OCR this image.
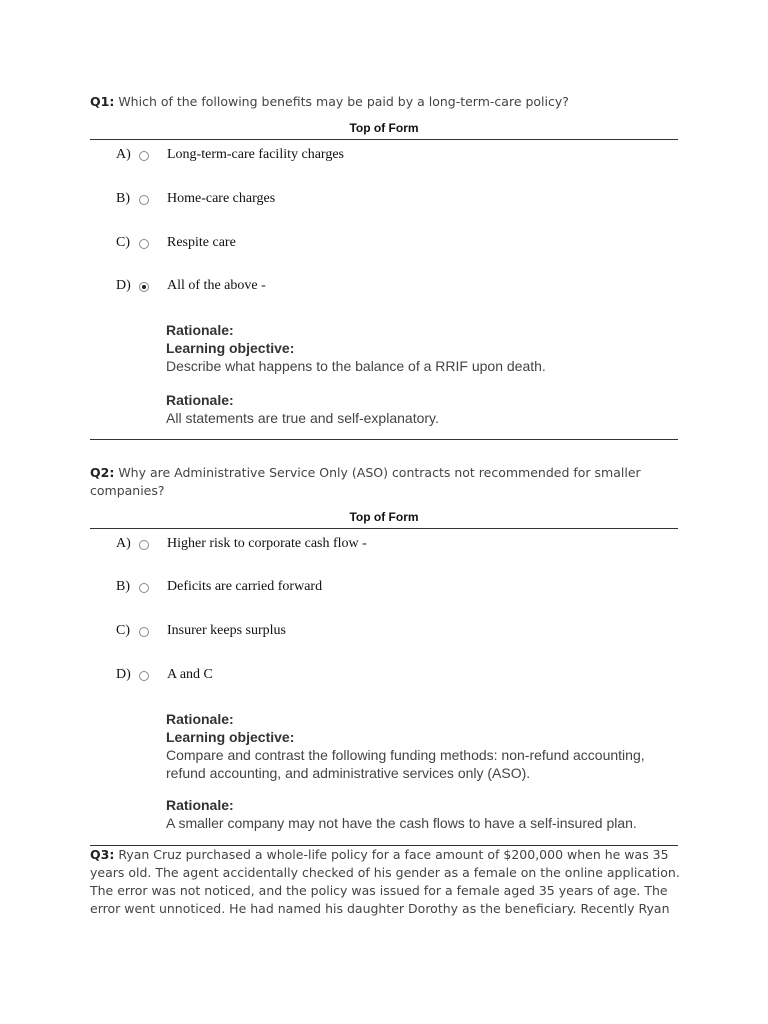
Q1: Which of the following benefits may be paid by a long-term-care policy?
Top of Form
A)	Long-term-care facility charges
B)	Home-care charges
C)	Respite care
D)	All of the above -
Rationale:
Learning objective:
Describe what happens to the balance of a RRIF upon death.
Rationale:
All statements are true and self-explanatory.
Q2: Why are Administrative Service Only (ASO) contracts not recommended for smaller companies?
Top of Form
A)	Higher risk to corporate cash flow -
B)	Deficits are carried forward
C)	Insurer keeps surplus
D)	A and C
Rationale:
Learning objective:
Compare and contrast the following funding methods: non-refund accounting, refund accounting, and administrative services only (ASO).
Rationale:
A smaller company may not have the cash flows to have a self-insured plan.
Q3: Ryan Cruz purchased a whole-life policy for a face amount of $200,000 when he was 35 years old. The agent accidentally checked of his gender as a female on the online application. The error was not noticed, and the policy was issued for a female aged 35 years of age. The error went unnoticed. He had named his daughter Dorothy as the beneficiary. Recently Ryan
